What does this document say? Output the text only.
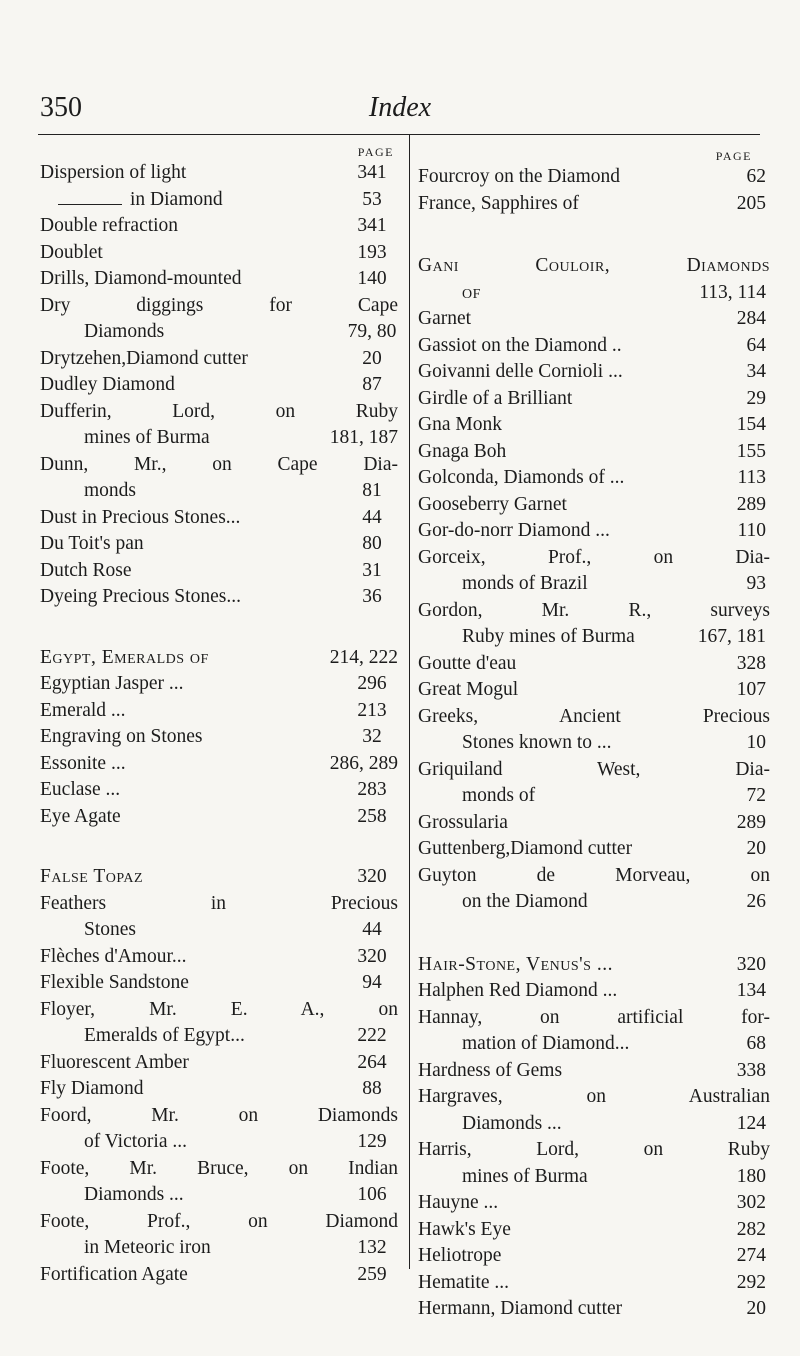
350	Index
PAGE
Dispersion of light	341
in Diamond	53
Double refraction	341
Doublet	193
Drills, Diamond-mounted	140
Dry diggings for Cape
Diamonds	79, 80
Drytzehen,Diamond cutter	20
Dudley Diamond	87
Dufferin, Lord, on Ruby
mines of Burma	181, 187
Dunn, Mr., on Cape Dia-
monds	81
Dust in Precious Stones...	44
Du Toit's pan	80
Dutch Rose	31
Dyeing Precious Stones...	36
Egypt, Emeralds of	214, 222
Egyptian Jasper ...	296
Emerald ...	213
Engraving on Stones	32
Essonite ...	286, 289
Euclase ...	283
Eye Agate	258
False Topaz	320
Feathers in Precious
Stones	44
Flèches d'Amour...	320
Flexible Sandstone	94
Floyer, Mr. E. A., on
Emeralds of Egypt...	222
Fluorescent Amber	264
Fly Diamond	88
Foord, Mr. on Diamonds
of Victoria ...	129
Foote, Mr. Bruce, on Indian
Diamonds ...	106
Foote, Prof., on Diamond
in Meteoric iron	132
Fortification Agate	259
PAGE
Fourcroy on the Diamond	62
France, Sapphires of	205
Gani Couloir, Diamonds
of	113, 114
Garnet	284
Gassiot on the Diamond ..	64
Goivanni delle Cornioli ...	34
Girdle of a Brilliant	29
Gna Monk	154
Gnaga Boh	155
Golconda, Diamonds of ...	113
Gooseberry Garnet	289
Gor-do-norr Diamond ...	110
Gorceix, Prof., on Dia-
monds of Brazil	93
Gordon, Mr. R., surveys
Ruby mines of Burma	167, 181
Goutte d'eau	328
Great Mogul	107
Greeks, Ancient Precious
Stones known to ...	10
Griquiland West, Dia-
monds of	72
Grossularia	289
Guttenberg,Diamond cutter	20
Guyton de Morveau, on
on the Diamond	26
Hair-Stone, Venus's ...	320
Halphen Red Diamond ...	134
Hannay, on artificial for-
mation of Diamond...	68
Hardness of Gems	338
Hargraves, on Australian
Diamonds ...	124
Harris, Lord, on Ruby
mines of Burma	180
Hauyne ...	302
Hawk's Eye	282
Heliotrope	274
Hematite ...	292
Hermann, Diamond cutter	20
